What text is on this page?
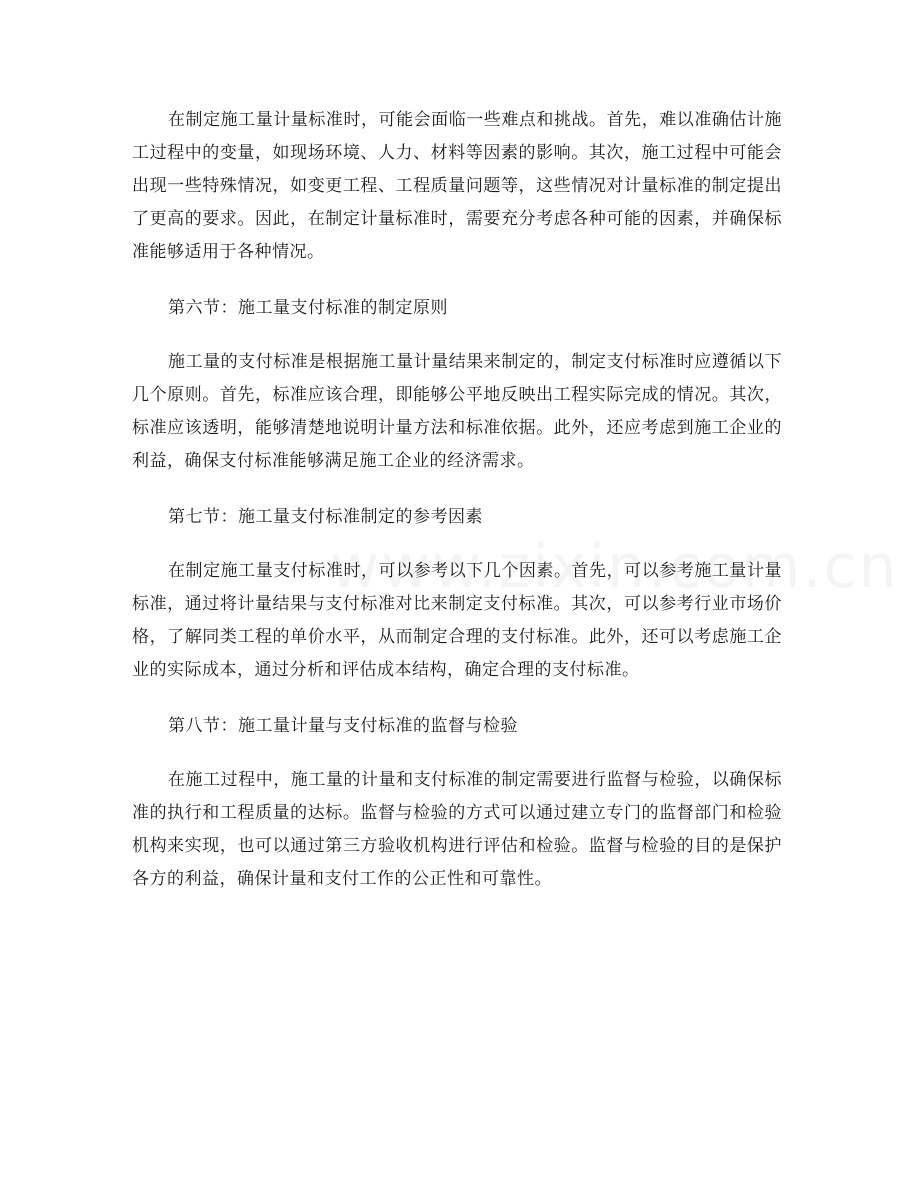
在制定施工量计量标准时，可能会面临一些难点和挑战。首先，难以准确估计施工过程中的变量，如现场环境、人力、材料等因素的影响。其次，施工过程中可能会出现一些特殊情况，如变更工程、工程质量问题等，这些情况对计量标准的制定提出了更高的要求。因此，在制定计量标准时，需要充分考虑各种可能的因素，并确保标准能够适用于各种情况。

第六节：施工量支付标准的制定原则

施工量的支付标准是根据施工量计量结果来制定的，制定支付标准时应遵循以下几个原则。首先，标准应该合理，即能够公平地反映出工程实际完成的情况。其次，标准应该透明，能够清楚地说明计量方法和标准依据。此外，还应考虑到施工企业的利益，确保支付标准能够满足施工企业的经济需求。

第七节：施工量支付标准制定的参考因素

在制定施工量支付标准时，可以参考以下几个因素。首先，可以参考施工量计量标准，通过将计量结果与支付标准对比来制定支付标准。其次，可以参考行业市场价格，了解同类工程的单价水平，从而制定合理的支付标准。此外，还可以考虑施工企业的实际成本，通过分析和评估成本结构，确定合理的支付标准。

第八节：施工量计量与支付标准的监督与检验

在施工过程中，施工量的计量和支付标准的制定需要进行监督与检验，以确保标准的执行和工程质量的达标。监督与检验的方式可以通过建立专门的监督部门和检验机构来实现，也可以通过第三方验收机构进行评估和检验。监督与检验的目的是保护各方的利益，确保计量和支付工作的公正性和可靠性。
